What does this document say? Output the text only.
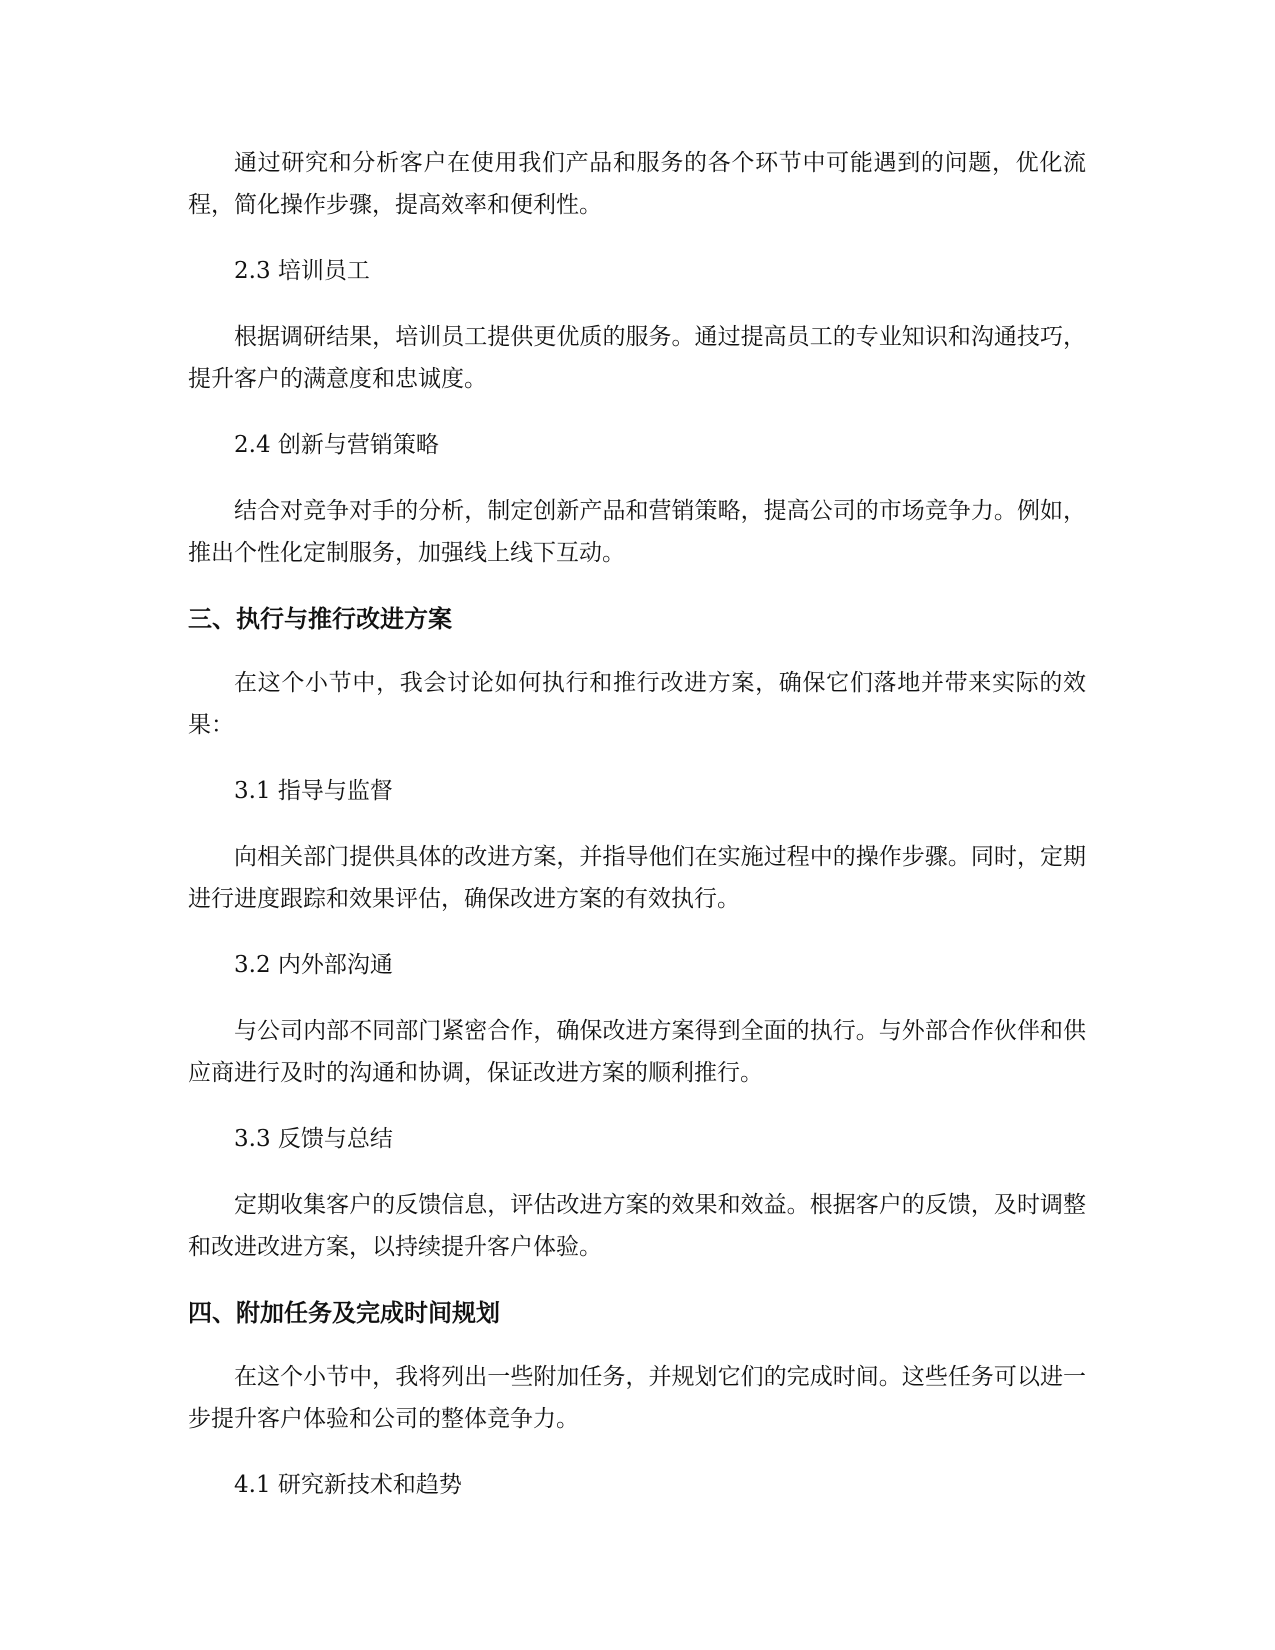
通过研究和分析客户在使用我们产品和服务的各个环节中可能遇到的问题，优化流程，简化操作步骤，提高效率和便利性。

2.3 培训员工

根据调研结果，培训员工提供更优质的服务。通过提高员工的专业知识和沟通技巧，提升客户的满意度和忠诚度。

2.4 创新与营销策略

结合对竞争对手的分析，制定创新产品和营销策略，提高公司的市场竞争力。例如，推出个性化定制服务，加强线上线下互动。

三、执行与推行改进方案

在这个小节中，我会讨论如何执行和推行改进方案，确保它们落地并带来实际的效果：

3.1 指导与监督

向相关部门提供具体的改进方案，并指导他们在实施过程中的操作步骤。同时，定期进行进度跟踪和效果评估，确保改进方案的有效执行。

3.2 内外部沟通

与公司内部不同部门紧密合作，确保改进方案得到全面的执行。与外部合作伙伴和供应商进行及时的沟通和协调，保证改进方案的顺利推行。

3.3 反馈与总结

定期收集客户的反馈信息，评估改进方案的效果和效益。根据客户的反馈，及时调整和改进改进方案，以持续提升客户体验。

四、附加任务及完成时间规划

在这个小节中，我将列出一些附加任务，并规划它们的完成时间。这些任务可以进一步提升客户体验和公司的整体竞争力。

4.1 研究新技术和趋势
